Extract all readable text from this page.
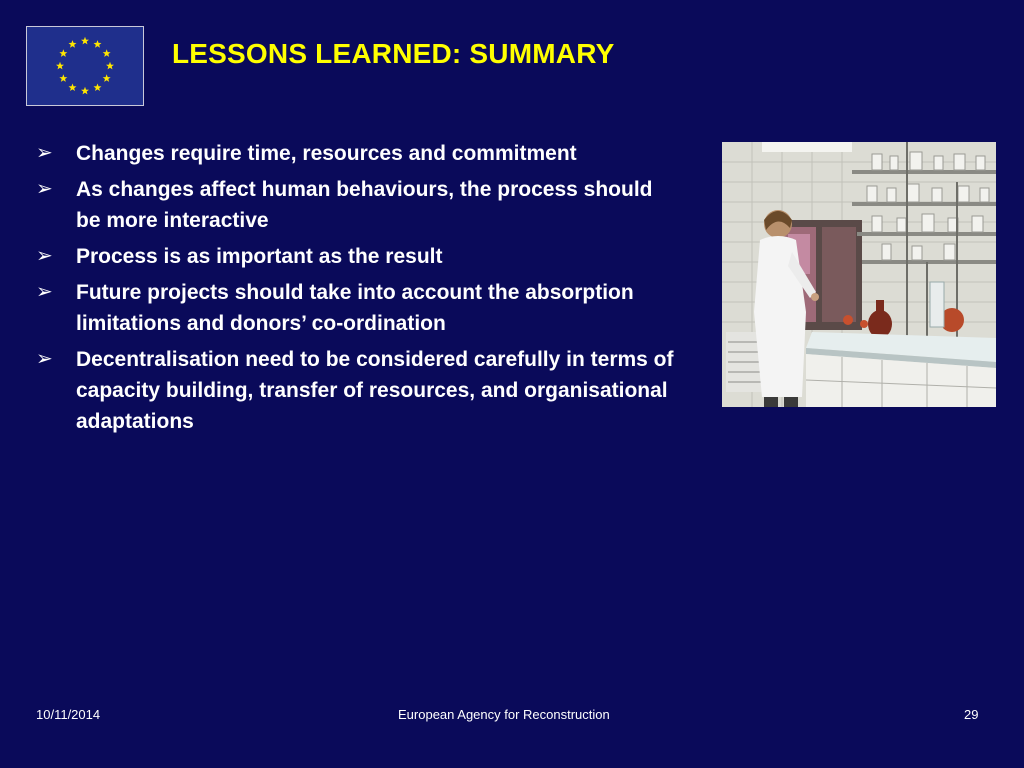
LESSONS LEARNED: SUMMARY
➢ Changes require time, resources and commitment
➢ As changes affect human behaviours, the process should be more interactive
➢ Process is as important as the result
➢ Future projects should take into account the absorption limitations and donors’ co-ordination
➢ Decentralisation need to be considered carefully in terms of capacity building, transfer of resources, and organisational adaptations
10/11/2014	European Agency for Reconstruction	29
